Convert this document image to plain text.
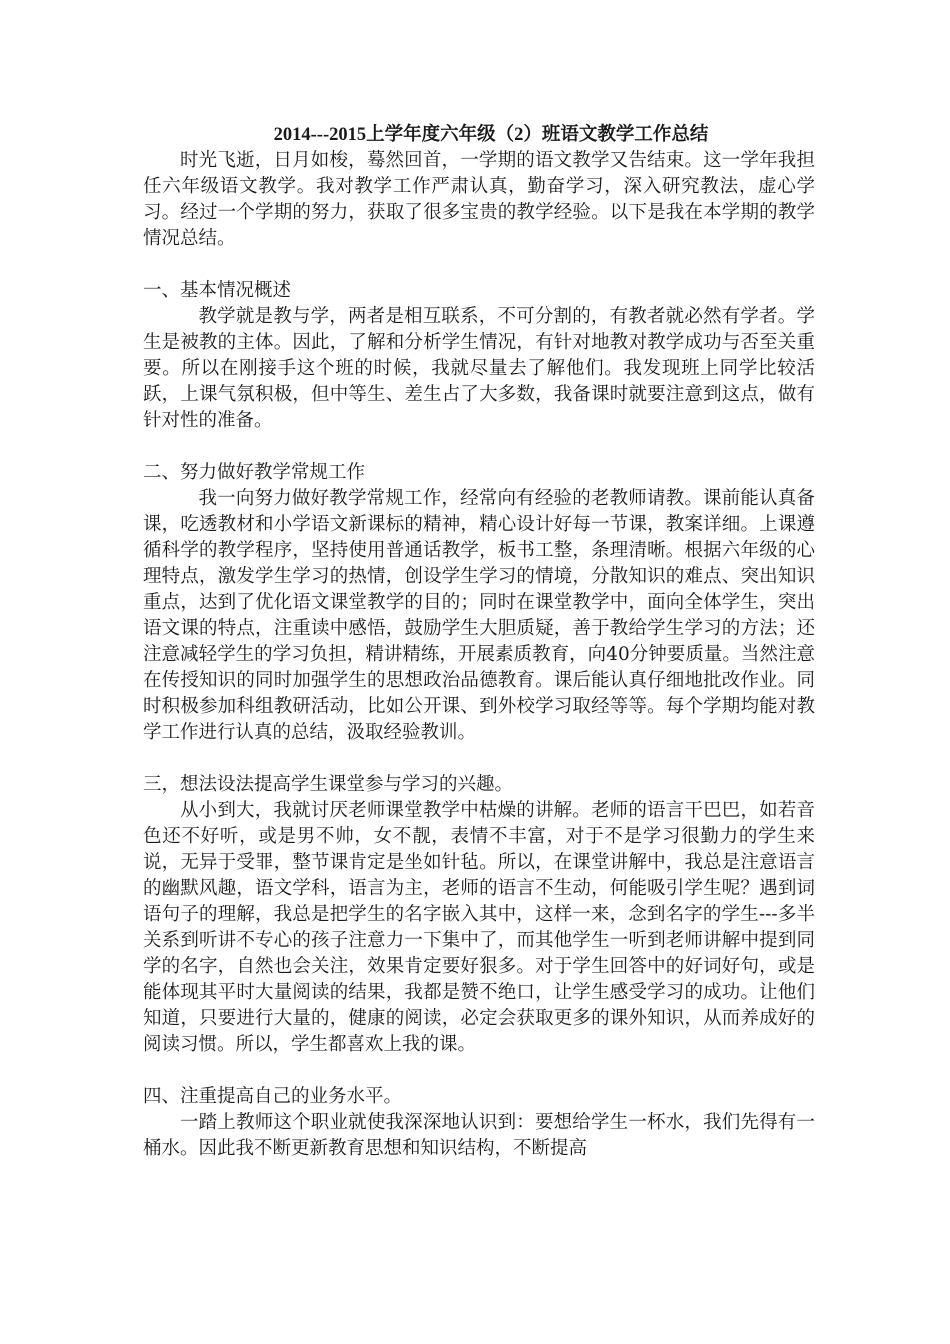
2014---2015上学年度六年级（2）班语文教学工作总结

时光飞逝，日月如梭，蓦然回首，一学期的语文教学又告结束。这一学年我担任六年级语文教学。我对教学工作严肃认真，勤奋学习，深入研究教法，虚心学习。经过一个学期的努力，获取了很多宝贵的教学经验。以下是我在本学期的教学情况总结。

一、基本情况概述

教学就是教与学，两者是相互联系，不可分割的，有教者就必然有学者。学生是被教的主体。因此，了解和分析学生情况，有针对地教对教学成功与否至关重要。所以在刚接手这个班的时候，我就尽量去了解他们。我发现班上同学比较活跃，上课气氛积极，但中等生、差生占了大多数，我备课时就要注意到这点，做有针对性的准备。

二、努力做好教学常规工作

我一向努力做好教学常规工作，经常向有经验的老教师请教。课前能认真备课，吃透教材和小学语文新课标的精神，精心设计好每一节课，教案详细。上课遵循科学的教学程序，坚持使用普通话教学，板书工整，条理清晰。根据六年级的心理特点，激发学生学习的热情，创设学生学习的情境，分散知识的难点、突出知识重点，达到了优化语文课堂教学的目的；同时在课堂教学中，面向全体学生，突出语文课的特点，注重读中感悟，鼓励学生大胆质疑，善于教给学生学习的方法；还注意减轻学生的学习负担，精讲精练，开展素质教育，向40分钟要质量。当然注意在传授知识的同时加强学生的思想政治品德教育。课后能认真仔细地批改作业。同时积极参加科组教研活动，比如公开课、到外校学习取经等等。每个学期均能对教学工作进行认真的总结，汲取经验教训。

三，想法设法提高学生课堂参与学习的兴趣。

从小到大，我就讨厌老师课堂教学中枯燥的讲解。老师的语言干巴巴，如若音色还不好听，或是男不帅，女不靓，表情不丰富，对于不是学习很勤力的学生来说，无异于受罪，整节课肯定是坐如针毡。所以，在课堂讲解中，我总是注意语言的幽默风趣，语文学科，语言为主，老师的语言不生动，何能吸引学生呢？遇到词语句子的理解，我总是把学生的名字嵌入其中，这样一来，念到名字的学生---多半关系到听讲不专心的孩子注意力一下集中了，而其他学生一听到老师讲解中提到同学的名字，自然也会关注，效果肯定要好狠多。对于学生回答中的好词好句，或是能体现其平时大量阅读的结果，我都是赞不绝口，让学生感受学习的成功。让他们知道，只要进行大量的，健康的阅读，必定会获取更多的课外知识，从而养成好的阅读习惯。所以，学生都喜欢上我的课。

四、注重提高自己的业务水平。

一踏上教师这个职业就使我深深地认识到：要想给学生一杯水，我们先得有一桶水。因此我不断更新教育思想和知识结构，不断提高
